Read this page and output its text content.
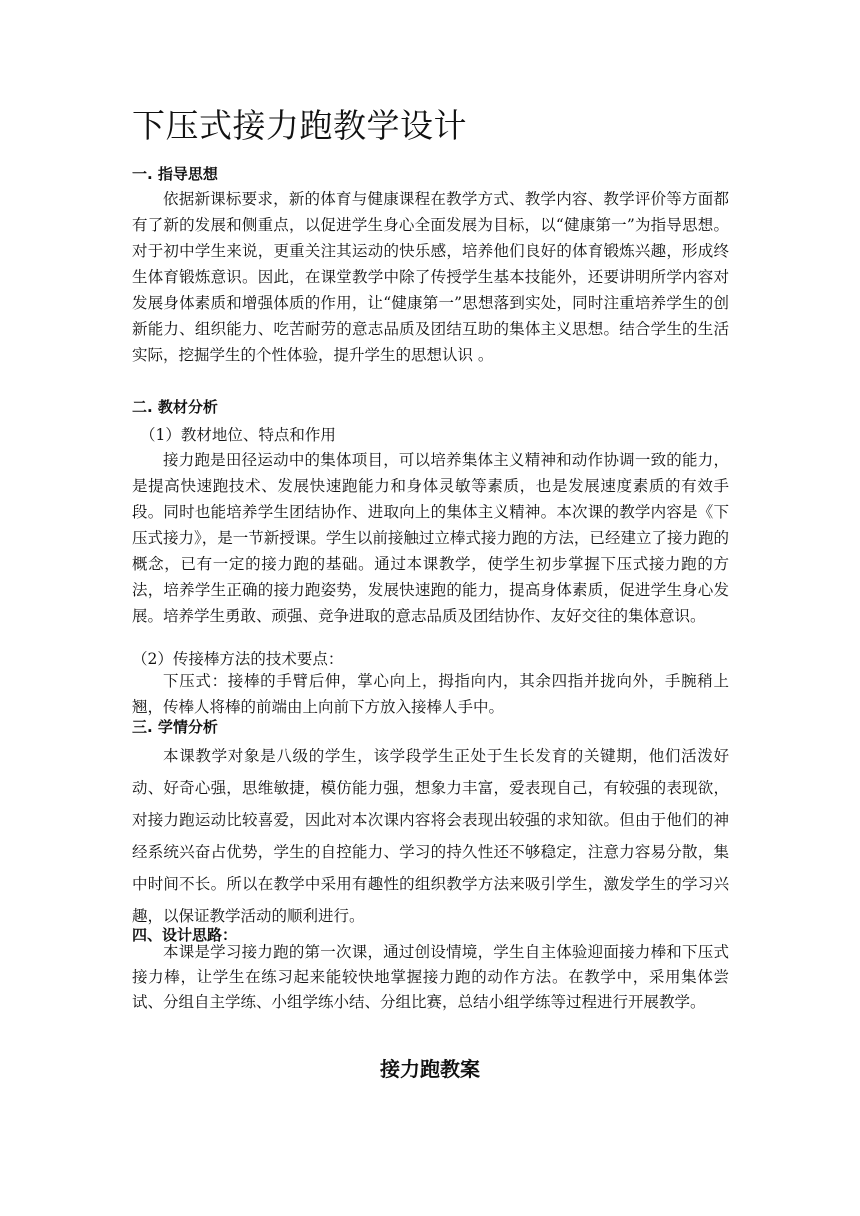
下压式接力跑教学设计
一. 指导思想

依据新课标要求，新的体育与健康课程在教学方式、教学内容、教学评价等方面都有了新的发展和侧重点，以促进学生身心全面发展为目标，以“健康第一”为指导思想。对于初中学生来说，更重关注其运动的快乐感，培养他们良好的体育锻炼兴趣，形成终生体育锻炼意识。因此，在课堂教学中除了传授学生基本技能外，还要讲明所学内容对发展身体素质和增强体质的作用，让“健康第一”思想落到实处，同时注重培养学生的创新能力、组织能力、吃苦耐劳的意志品质及团结互助的集体主义思想。结合学生的生活实际，挖掘学生的个性体验，提升学生的思想认识 。

二. 教材分析

（1）教材地位、特点和作用

接力跑是田径运动中的集体项目，可以培养集体主义精神和动作协调一致的能力，是提高快速跑技术、发展快速跑能力和身体灵敏等素质，也是发展速度素质的有效手段。同时也能培养学生团结协作、进取向上的集体主义精神。本次课的教学内容是《下压式接力》，是一节新授课。学生以前接触过立棒式接力跑的方法，已经建立了接力跑的概念，已有一定的接力跑的基础。通过本课教学，使学生初步掌握下压式接力跑的方法，培养学生正确的接力跑姿势，发展快速跑的能力，提高身体素质，促进学生身心发展。培养学生勇敢、顽强、竞争进取的意志品质及团结协作、友好交往的集体意识。

（2）传接棒方法的技术要点：

下压式：接棒的手臂后伸，掌心向上，拇指向内，其余四指并拢向外，手腕稍上翘，传棒人将棒的前端由上向前下方放入接棒人手中。

三. 学情分析

本课教学对象是八级的学生，该学段学生正处于生长发育的关键期，他们活泼好动、好奇心强，思维敏捷，模仿能力强，想象力丰富，爱表现自己，有较强的表现欲，对接力跑运动比较喜爱，因此对本次课内容将会表现出较强的求知欲。但由于他们的神经系统兴奋占优势，学生的自控能力、学习的持久性还不够稳定，注意力容易分散，集中时间不长。所以在教学中采用有趣性的组织教学方法来吸引学生，激发学生的学习兴趣，以保证教学活动的顺利进行。

四、设计思路：

本课是学习接力跑的第一次课，通过创设情境，学生自主体验迎面接力棒和下压式接力棒，让学生在练习起来能较快地掌握接力跑的动作方法。在教学中，采用集体尝试、分组自主学练、小组学练小结、分组比赛，总结小组学练等过程进行开展教学。

接力跑教案
